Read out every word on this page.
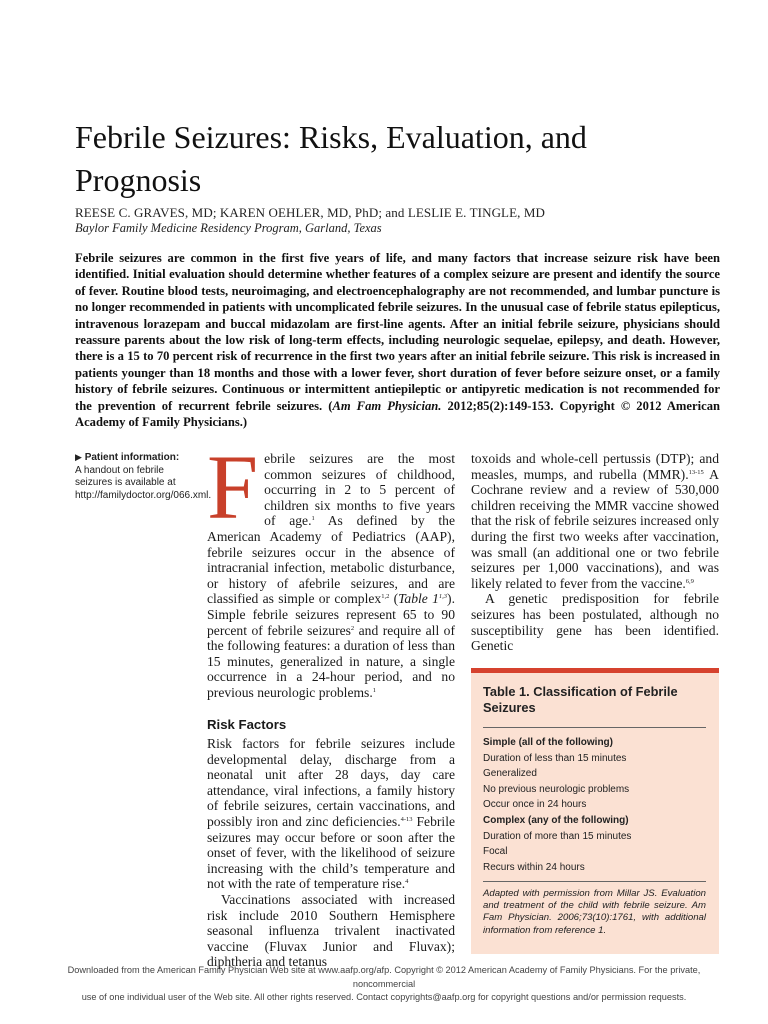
Febrile Seizures: Risks, Evaluation, and Prognosis
REESE C. GRAVES, MD; KAREN OEHLER, MD, PhD; and LESLIE E. TINGLE, MD
Baylor Family Medicine Residency Program, Garland, Texas

Febrile seizures are common in the first five years of life, and many factors that increase seizure risk have been identified. Initial evaluation should determine whether features of a complex seizure are present and identify the source of fever. Routine blood tests, neuroimaging, and electroencephalography are not recommended, and lumbar puncture is no longer recommended in patients with uncomplicated febrile seizures. In the unusual case of febrile status epilepticus, intravenous lorazepam and buccal midazolam are first-line agents. After an initial febrile seizure, physicians should reassure parents about the low risk of long-term effects, including neurologic sequelae, epilepsy, and death. However, there is a 15 to 70 percent risk of recurrence in the first two years after an initial febrile seizure. This risk is increased in patients younger than 18 months and those with a lower fever, short duration of fever before seizure onset, or a family history of febrile seizures. Continuous or intermittent antiepileptic or antipyretic medication is not recommended for the prevention of recurrent febrile seizures. (Am Fam Physician. 2012;85(2):149-153. Copyright © 2012 American Academy of Family Physicians.)

▶ Patient information:
A handout on febrile seizures is available at http://familydoctor.org/066.xml.

Febrile seizures are the most common seizures of childhood, occurring in 2 to 5 percent of children six months to five years of age.$^1$ As defined by the American Academy of Pediatrics (AAP), febrile seizures occur in the absence of intracranial infection, metabolic disturbance, or history of afebrile seizures, and are classified as simple or complex$^{1,2}$ (Table 1$^{1,3}$). Simple febrile seizures represent 65 to 90 percent of febrile seizures$^2$ and require all of the following features: a duration of less than 15 minutes, generalized in nature, a single occurrence in a 24-hour period, and no previous neurologic problems.$^1$

Risk Factors

Risk factors for febrile seizures include developmental delay, discharge from a neonatal unit after 28 days, day care attendance, viral infections, a family history of febrile seizures, certain vaccinations, and possibly iron and zinc deficiencies.$^{4-13}$ Febrile seizures may occur before or soon after the onset of fever, with the likelihood of seizure increasing with the child’s temperature and not with the rate of temperature rise.$^4$

Vaccinations associated with increased risk include 2010 Southern Hemisphere seasonal influenza trivalent inactivated vaccine (Fluvax Junior and Fluvax); diphtheria and tetanus

toxoids and whole-cell pertussis (DTP); and measles, mumps, and rubella (MMR).$^{13-15}$ A Cochrane review and a review of 530,000 children receiving the MMR vaccine showed that the risk of febrile seizures increased only during the first two weeks after vaccination, was small (an additional one or two febrile seizures per 1,000 vaccinations), and was likely related to fever from the vaccine.$^{6,9}$

A genetic predisposition for febrile seizures has been postulated, although no susceptibility gene has been identified. Genetic

Table 1. Classification of Febrile Seizures
Simple (all of the following)
Duration of less than 15 minutes
Generalized
No previous neurologic problems
Occur once in 24 hours
Complex (any of the following)
Duration of more than 15 minutes
Focal
Recurs within 24 hours
Adapted with permission from Millar JS. Evaluation and treatment of the child with febrile seizure. Am Fam Physician. 2006;73(10):1761, with additional information from reference 1.
Downloaded from the American Family Physician Web site at www.aafp.org/afp. Copyright © 2012 American Academy of Family Physicians. For the private, noncommercial
use of one individual user of the Web site. All other rights reserved. Contact copyrights@aafp.org for copyright questions and/or permission requests.
